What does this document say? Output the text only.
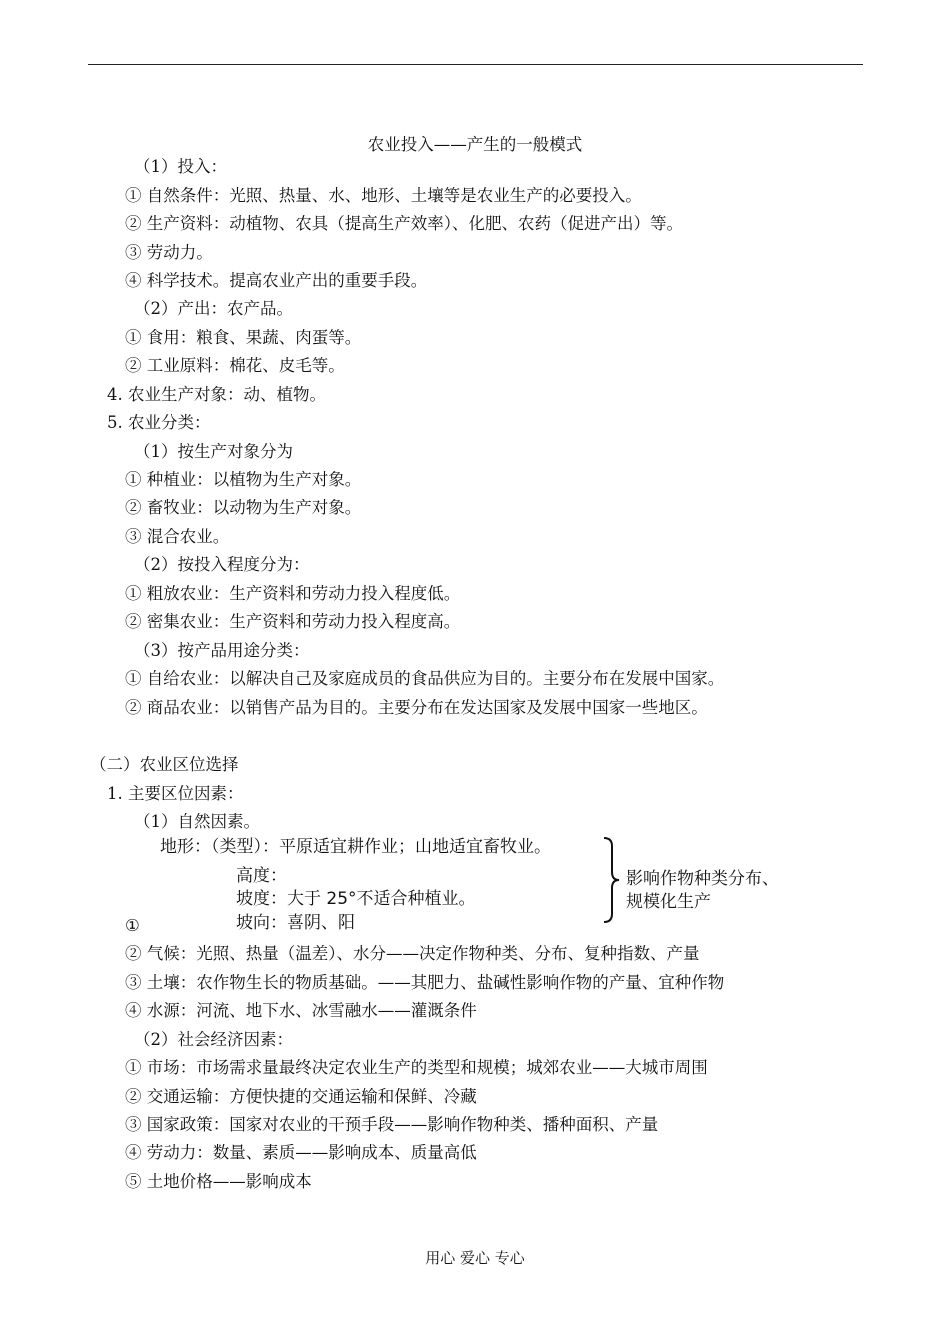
农业投入——产生的一般模式
（1）投入：
① 自然条件：光照、热量、水、地形、土壤等是农业生产的必要投入。
② 生产资料：动植物、农具（提高生产效率）、化肥、农药（促进产出）等。
③ 劳动力。
④ 科学技术。提高农业产出的重要手段。
（2）产出：农产品。
① 食用：粮食、果蔬、肉蛋等。
② 工业原料：棉花、皮毛等。
4. 农业生产对象：动、植物。
5. 农业分类：
（1）按生产对象分为
① 种植业：以植物为生产对象。
② 畜牧业：以动物为生产对象。
③ 混合农业。
（2）按投入程度分为：
① 粗放农业：生产资料和劳动力投入程度低。
② 密集农业：生产资料和劳动力投入程度高。
（3）按产品用途分类：
① 自给农业：以解决自己及家庭成员的食品供应为目的。主要分布在发展中国家。
② 商品农业：以销售产品为目的。主要分布在发达国家及发展中国家一些地区。
（二）农业区位选择
1. 主要区位因素：
（1）自然因素。
地形：（类型）：平原适宜耕作业；山地适宜畜牧业。
高度：
坡度：大于 25°不适合种植业。
坡向：喜阴、阳
影响作物种类分布、
规模化生产
①
② 气候：光照、热量（温差）、水分——决定作物种类、分布、复种指数、产量
③ 土壤：农作物生长的物质基础。——其肥力、盐碱性影响作物的产量、宜种作物
④ 水源：河流、地下水、冰雪融水——灌溉条件
（2）社会经济因素：
① 市场：市场需求量最终决定农业生产的类型和规模；城郊农业——大城市周围
② 交通运输：方便快捷的交通运输和保鲜、冷藏
③ 国家政策：国家对农业的干预手段——影响作物种类、播种面积、产量
④ 劳动力：数量、素质——影响成本、质量高低
⑤ 土地价格——影响成本
用心 爱心 专心
